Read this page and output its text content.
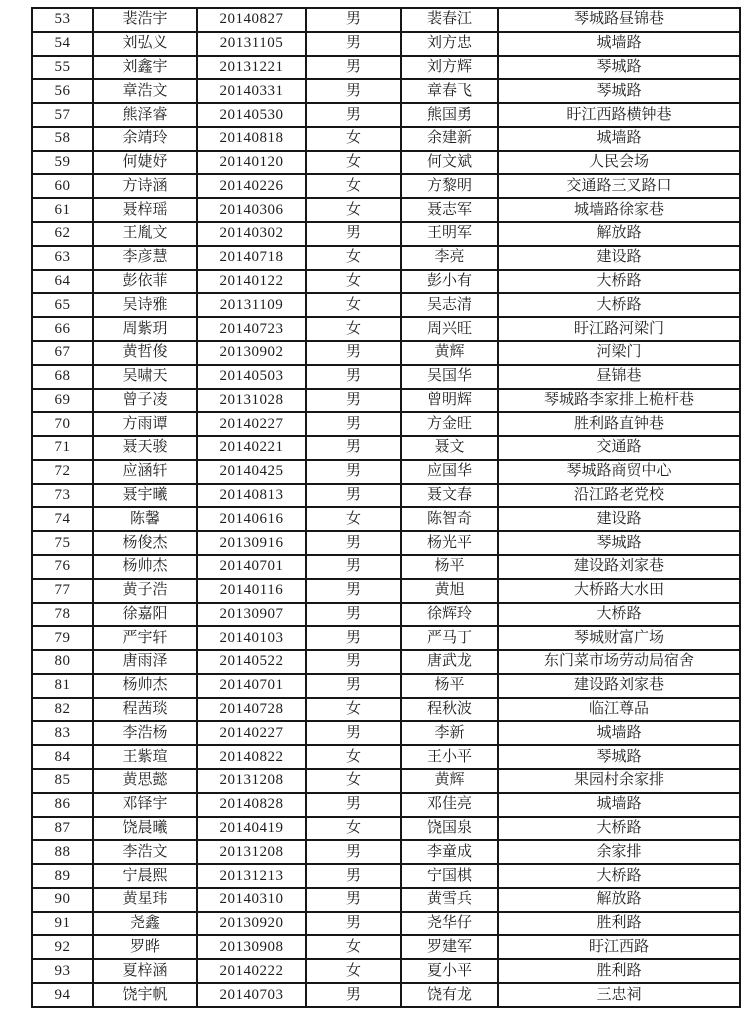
53	裴浩宇	20140827	男	裴春江	琴城路昼锦巷
54	刘弘义	20131105	男	刘方忠	城墙路
55	刘鑫宇	20131221	男	刘方辉	琴城路
56	章浩文	20140331	男	章春飞	琴城路
57	熊泽睿	20140530	男	熊国勇	盱江西路横钟巷
58	余靖玲	20140818	女	余建新	城墙路
59	何婕妤	20140120	女	何文斌	人民会场
60	方诗涵	20140226	女	方黎明	交通路三叉路口
61	聂梓瑶	20140306	女	聂志军	城墙路徐家巷
62	王胤文	20140302	男	王明军	解放路
63	李彦慧	20140718	女	李亮	建设路
64	彭依菲	20140122	女	彭小有	大桥路
65	吴诗雅	20131109	女	吴志清	大桥路
66	周紫玥	20140723	女	周兴旺	盱江路河梁门
67	黄哲俊	20130902	男	黄辉	河梁门
68	吴啸天	20140503	男	吴国华	昼锦巷
69	曾子凌	20131028	男	曾明辉	琴城路李家排上桅杆巷
70	方雨谭	20140227	男	方金旺	胜利路直钟巷
71	聂天骏	20140221	男	聂文	交通路
72	应涵轩	20140425	男	应国华	琴城路商贸中心
73	聂宇曦	20140813	男	聂文春	沿江路老党校
74	陈馨	20140616	女	陈智奇	建设路
75	杨俊杰	20130916	男	杨光平	琴城路
76	杨帅杰	20140701	男	杨平	建设路刘家巷
77	黄子浩	20140116	男	黄旭	大桥路大水田
78	徐嘉阳	20130907	男	徐辉玲	大桥路
79	严宇轩	20140103	男	严马丁	琴城财富广场
80	唐雨泽	20140522	男	唐武龙	东门菜市场劳动局宿舍
81	杨帅杰	20140701	男	杨平	建设路刘家巷
82	程茜琰	20140728	女	程秋波	临江尊品
83	李浩杨	20140227	男	李新	城墙路
84	王紫瑄	20140822	女	王小平	琴城路
85	黄思懿	20131208	女	黄辉	果园村余家排
86	邓铎宇	20140828	男	邓佳亮	城墙路
87	饶晨曦	20140419	女	饶国泉	大桥路
88	李浩文	20131208	男	李童成	余家排
89	宁晨熙	20131213	男	宁国棋	大桥路
90	黄星玮	20140310	男	黄雪兵	解放路
91	尧鑫	20130920	男	尧华仔	胜利路
92	罗晔	20130908	女	罗建军	盱江西路
93	夏梓涵	20140222	女	夏小平	胜利路
94	饶宇帆	20140703	男	饶有龙	三忠祠
